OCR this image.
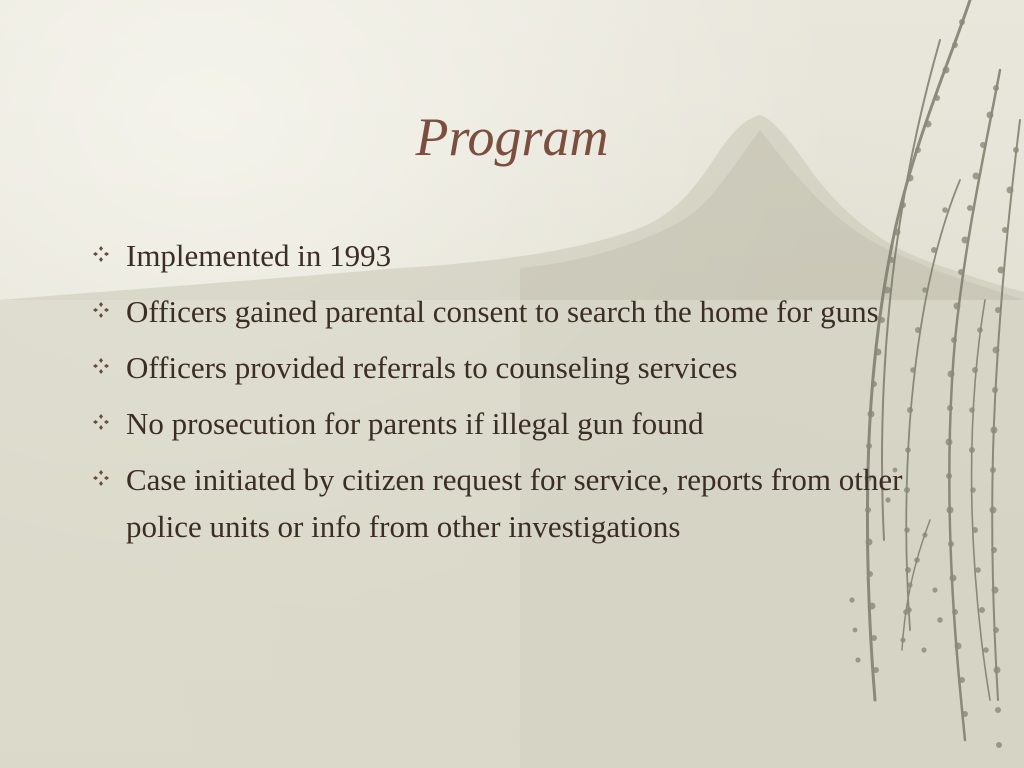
Program
Implemented in 1993
Officers gained parental consent to search the home for guns
Officers provided referrals to counseling services
No prosecution for parents if illegal gun found
Case initiated by citizen request for service, reports from other police units or info from other investigations
